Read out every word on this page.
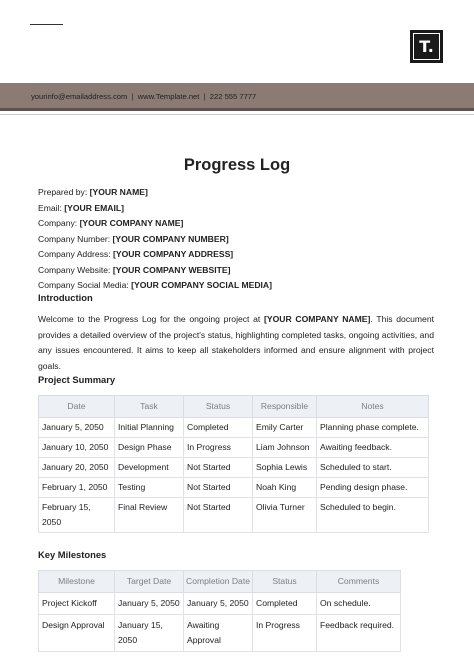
T.
yourinfo@emailaddress.com  |  www.Template.net  |  222 555 7777
Progress Log
Prepared by: [YOUR NAME]
Email: [YOUR EMAIL]
Company: [YOUR COMPANY NAME]
Company Number: [YOUR COMPANY NUMBER]
Company Address: [YOUR COMPANY ADDRESS]
Company Website: [YOUR COMPANY WEBSITE]
Company Social Media: [YOUR COMPANY SOCIAL MEDIA]
Introduction
Welcome to the Progress Log for the ongoing project at [YOUR COMPANY NAME]. This document provides a detailed overview of the project's status, highlighting completed tasks, ongoing activities, and any issues encountered. It aims to keep all stakeholders informed and ensure alignment with project goals.
Project Summary
Date	Task	Status	Responsible	Notes
January 5, 2050	Initial Planning	Completed	Emily Carter	Planning phase complete.
January 10, 2050	Design Phase	In Progress	Liam Johnson	Awaiting feedback.
January 20, 2050	Development	Not Started	Sophia Lewis	Scheduled to start.
February 1, 2050	Testing	Not Started	Noah King	Pending design phase.
February 15, 2050	Final Review	Not Started	Olivia Turner	Scheduled to begin.
Key Milestones
Milestone	Target Date	Completion Date	Status	Comments
Project Kickoff	January 5, 2050	January 5, 2050	Completed	On schedule.
Design Approval	January 15, 2050	Awaiting Approval	In Progress	Feedback required.
